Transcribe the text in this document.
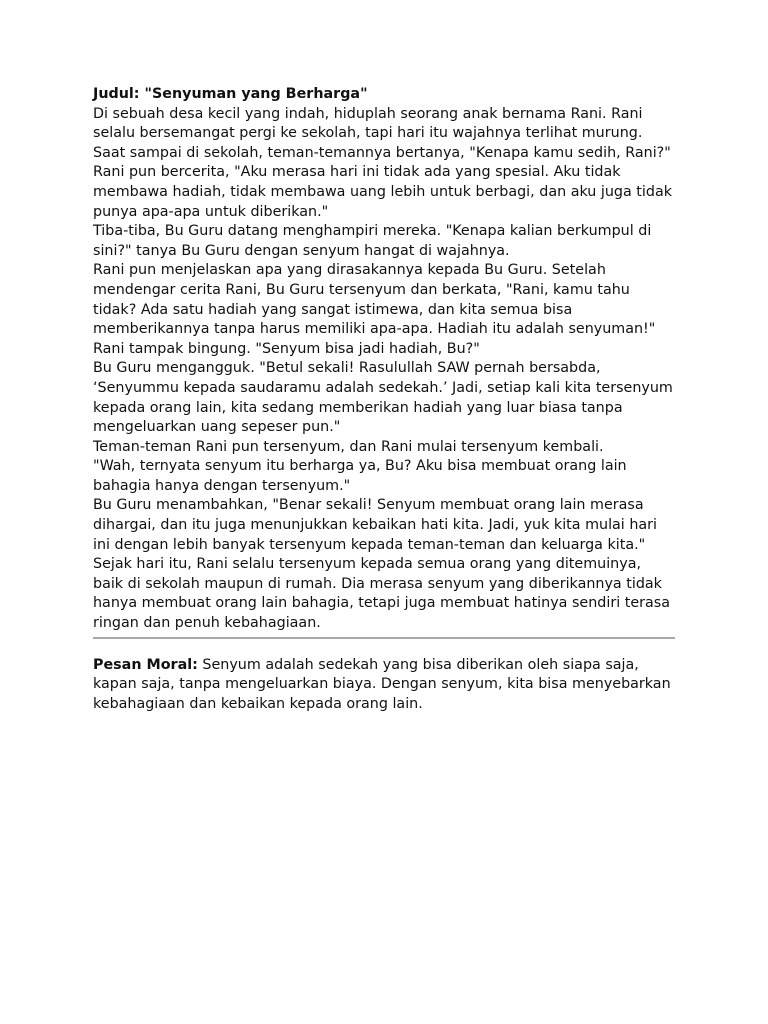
Judul: "Senyuman yang Berharga"

Di sebuah desa kecil yang indah, hiduplah seorang anak bernama Rani. Rani selalu bersemangat pergi ke sekolah, tapi hari itu wajahnya terlihat murung. Saat sampai di sekolah, teman-temannya bertanya, "Kenapa kamu sedih, Rani?"

Rani pun bercerita, "Aku merasa hari ini tidak ada yang spesial. Aku tidak membawa hadiah, tidak membawa uang lebih untuk berbagi, dan aku juga tidak punya apa-apa untuk diberikan."

Tiba-tiba, Bu Guru datang menghampiri mereka. "Kenapa kalian berkumpul di sini?" tanya Bu Guru dengan senyum hangat di wajahnya.

Rani pun menjelaskan apa yang dirasakannya kepada Bu Guru. Setelah mendengar cerita Rani, Bu Guru tersenyum dan berkata, "Rani, kamu tahu tidak? Ada satu hadiah yang sangat istimewa, dan kita semua bisa memberikannya tanpa harus memiliki apa-apa. Hadiah itu adalah senyuman!"

Rani tampak bingung. "Senyum bisa jadi hadiah, Bu?"

Bu Guru mengangguk. "Betul sekali! Rasulullah SAW pernah bersabda, ‘Senyummu kepada saudaramu adalah sedekah.’ Jadi, setiap kali kita tersenyum kepada orang lain, kita sedang memberikan hadiah yang luar biasa tanpa mengeluarkan uang sepeser pun."

Teman-teman Rani pun tersenyum, dan Rani mulai tersenyum kembali.

"Wah, ternyata senyum itu berharga ya, Bu? Aku bisa membuat orang lain bahagia hanya dengan tersenyum."

Bu Guru menambahkan, "Benar sekali! Senyum membuat orang lain merasa dihargai, dan itu juga menunjukkan kebaikan hati kita. Jadi, yuk kita mulai hari ini dengan lebih banyak tersenyum kepada teman-teman dan keluarga kita."

Sejak hari itu, Rani selalu tersenyum kepada semua orang yang ditemuinya, baik di sekolah maupun di rumah. Dia merasa senyum yang diberikannya tidak hanya membuat orang lain bahagia, tetapi juga membuat hatinya sendiri terasa ringan dan penuh kebahagiaan.

Pesan Moral: Senyum adalah sedekah yang bisa diberikan oleh siapa saja, kapan saja, tanpa mengeluarkan biaya. Dengan senyum, kita bisa menyebarkan kebahagiaan dan kebaikan kepada orang lain.
